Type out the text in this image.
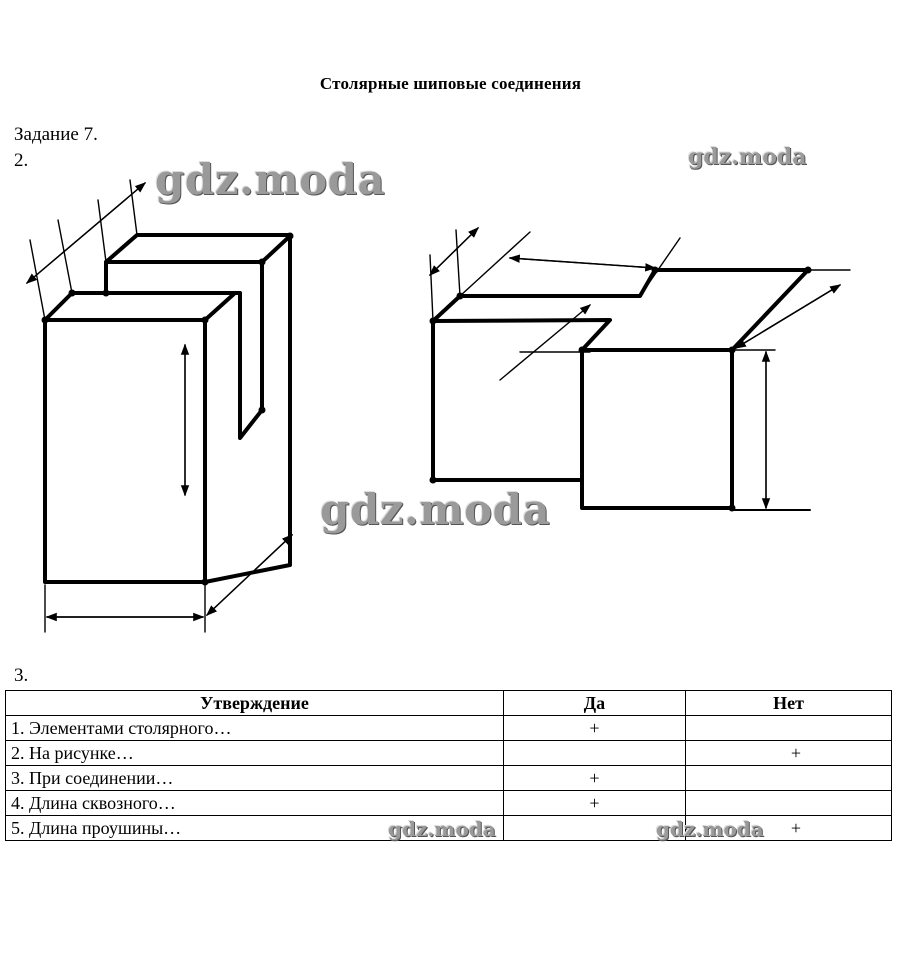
Столярные шиповые соединения
Задание 7.
2.	gdz.moda	gdz.moda
gdz.moda
3.
Утверждение	Да	Нет
1. Элементами столярного…	+	
2. На рисунке…		+
3. При соединении…	+	
4. Длина сквозного…	+	
5. Длина проушины…		+
gdz.moda	gdz.moda
